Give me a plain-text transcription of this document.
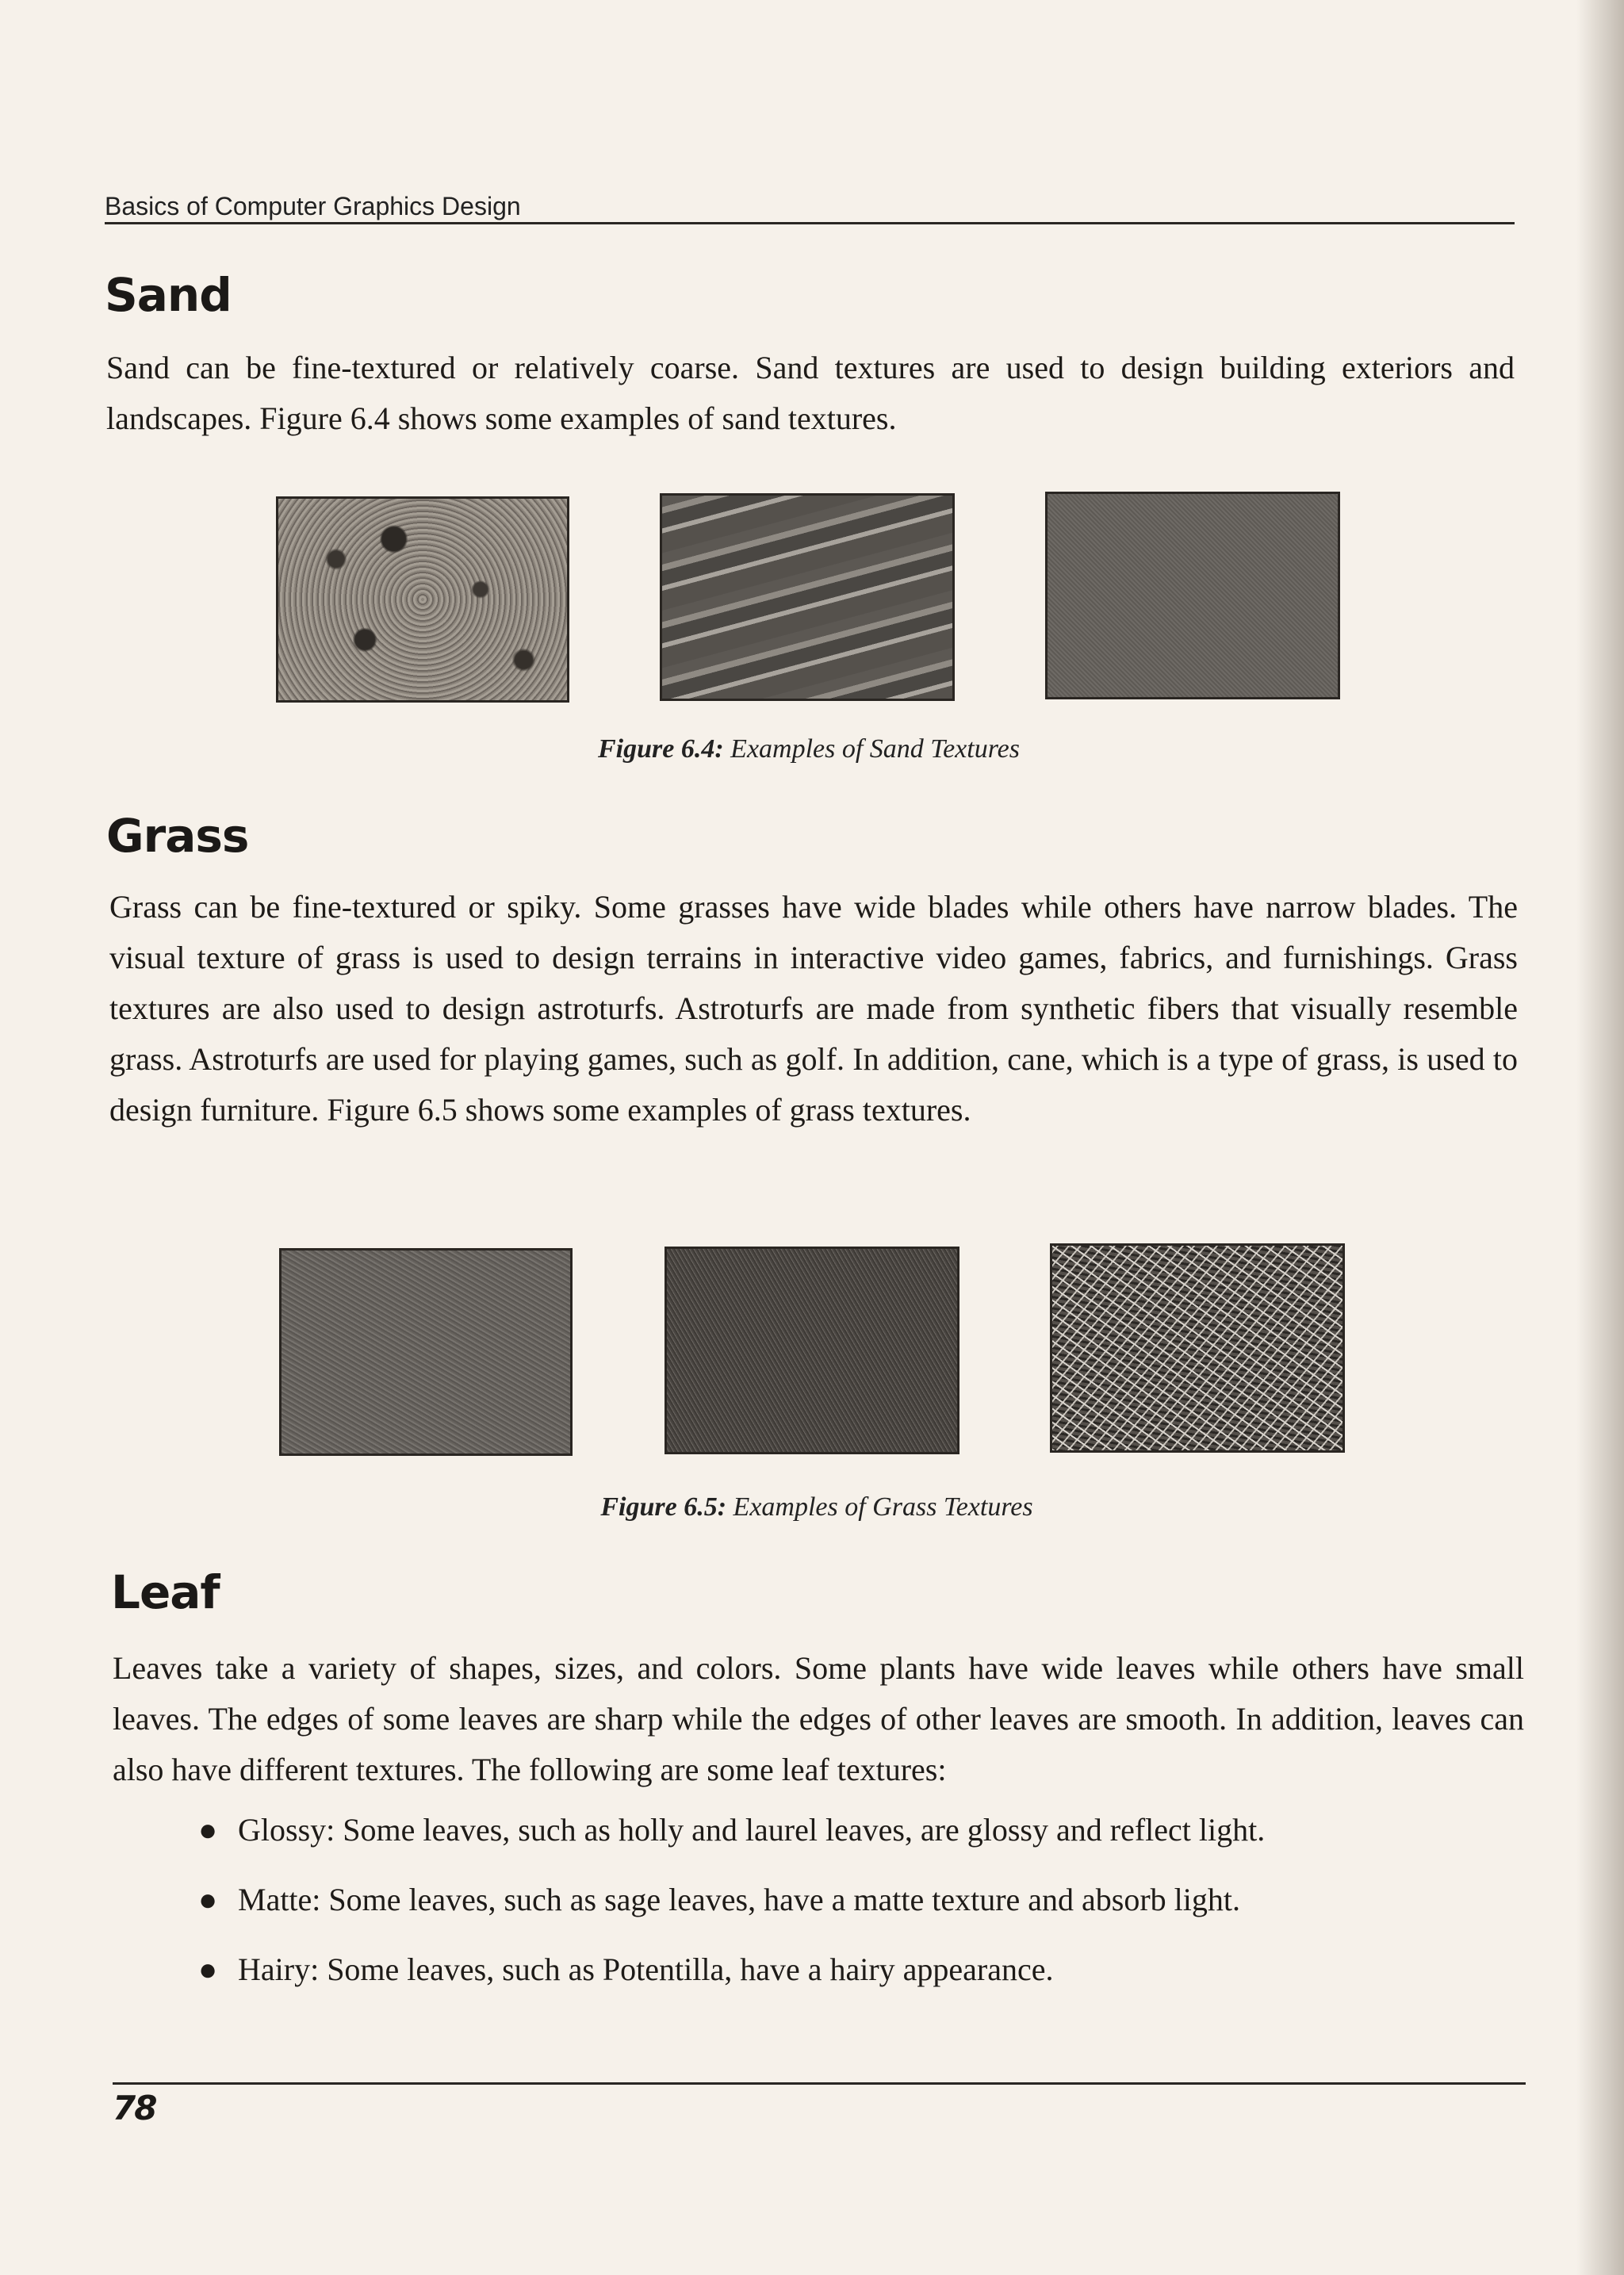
Basics of Computer Graphics Design
Sand

Sand can be fine-textured or relatively coarse. Sand textures are used to design building exteriors and landscapes. Figure 6.4 shows some examples of sand textures.

Figure 6.4: Examples of Sand Textures
Grass

Grass can be fine-textured or spiky. Some grasses have wide blades while others have narrow blades. The visual texture of grass is used to design terrains in interactive video games, fabrics, and furnishings. Grass textures are also used to design astroturfs. Astroturfs are made from synthetic fibers that visually resemble grass. Astroturfs are used for playing games, such as golf. In addition, cane, which is a type of grass, is used to design furniture. Figure 6.5 shows some examples of grass textures.

Figure 6.5: Examples of Grass Textures
Leaf

Leaves take a variety of shapes, sizes, and colors. Some plants have wide leaves while others have small leaves. The edges of some leaves are sharp while the edges of other leaves are smooth. In addition, leaves can also have different textures. The following are some leaf textures:

● Glossy: Some leaves, such as holly and laurel leaves, are glossy and reflect light.
● Matte: Some leaves, such as sage leaves, have a matte texture and absorb light.
● Hairy: Some leaves, such as Potentilla, have a hairy appearance.
78
